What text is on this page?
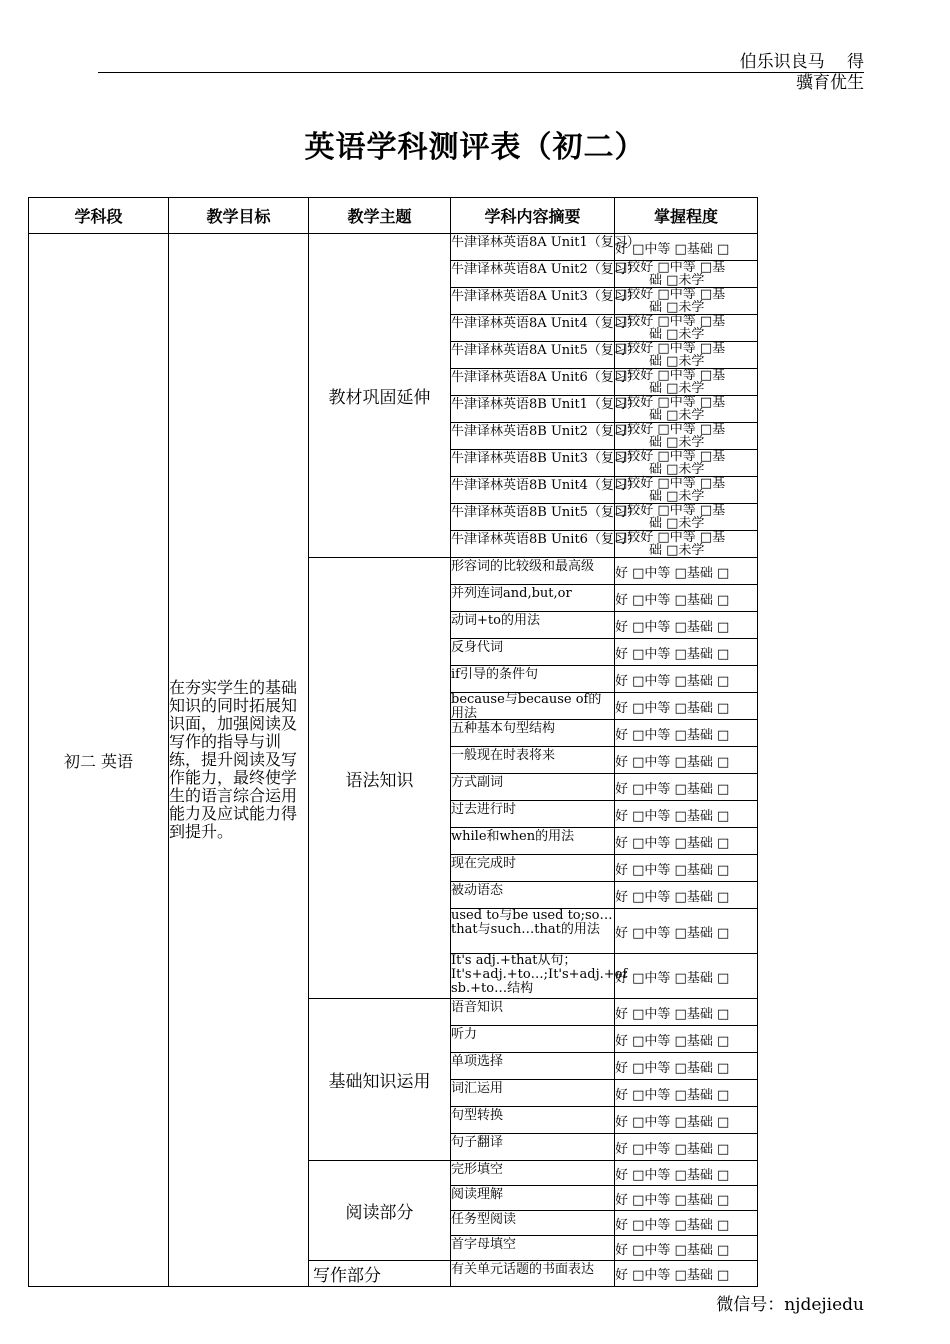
伯乐识良马　 得
骥育优生
英语学科测评表（初二）
学科段	教学目标	教学主题	学科内容摘要	掌握程度
初二 英语	在夯实学生的基础知识的同时拓展知识面，加强阅读及写作的指导与训练，提升阅读及写作能力，最终使学生的语言综合运用能力及应试能力得到提升。	教材巩固延伸	牛津译林英语8A Unit1（复习）	好 □中等 □基础 □

			牛津译林英语8A Unit2（复习）	□较好 □中等 □基
础 □未学

			牛津译林英语8A Unit3（复习）	□较好 □中等 □基
础 □未学

			牛津译林英语8A Unit4（复习）	□较好 □中等 □基
础 □未学

			牛津译林英语8A Unit5（复习）	□较好 □中等 □基
础 □未学

			牛津译林英语8A Unit6（复习）	□较好 □中等 □基
础 □未学

			牛津译林英语8B Unit1（复习）	□较好 □中等 □基
础 □未学

			牛津译林英语8B Unit2（复习）	□较好 □中等 □基
础 □未学

			牛津译林英语8B Unit3（复习）	□较好 □中等 □基
础 □未学

			牛津译林英语8B Unit4（复习）	□较好 □中等 □基
础 □未学

			牛津译林英语8B Unit5（复习）	□较好 □中等 □基
础 □未学

			牛津译林英语8B Unit6（复习）	□较好 □中等 □基
础 □未学

		语法知识	形容词的比较级和最高级	好 □中等 □基础 □

			并列连词and,but,or	好 □中等 □基础 □

			动词+to的用法	好 □中等 □基础 □

			反身代词	好 □中等 □基础 □

			if引导的条件句	好 □中等 □基础 □

			because与because of的用法	好 □中等 □基础 □

			五种基本句型结构	好 □中等 □基础 □

			一般现在时表将来	好 □中等 □基础 □

			方式副词	好 □中等 □基础 □

			过去进行时	好 □中等 □基础 □

			while和when的用法	好 □中等 □基础 □

			现在完成时	好 □中等 □基础 □

			被动语态	好 □中等 □基础 □

			used to与be used to;so…that与such…that的用法	好 □中等 □基础 □

			It's adj.+that从句；It's+adj.+to…;It's+adj.+of sb.+to…结构	好 □中等 □基础 □
		基础知识运用	语音知识	好 □中等 □基础 □

			听力	好 □中等 □基础 □

			单项选择	好 □中等 □基础 □

			词汇运用	好 □中等 □基础 □

			句型转换	好 □中等 □基础 □

			句子翻译	好 □中等 □基础 □
		阅读部分	完形填空	好 □中等 □基础 □

			阅读理解	好 □中等 □基础 □

			任务型阅读	好 □中等 □基础 □

			首字母填空	好 □中等 □基础 □
		写作部分	有关单元话题的书面表达	好 □中等 □基础 □
微信号：njdejiedu
